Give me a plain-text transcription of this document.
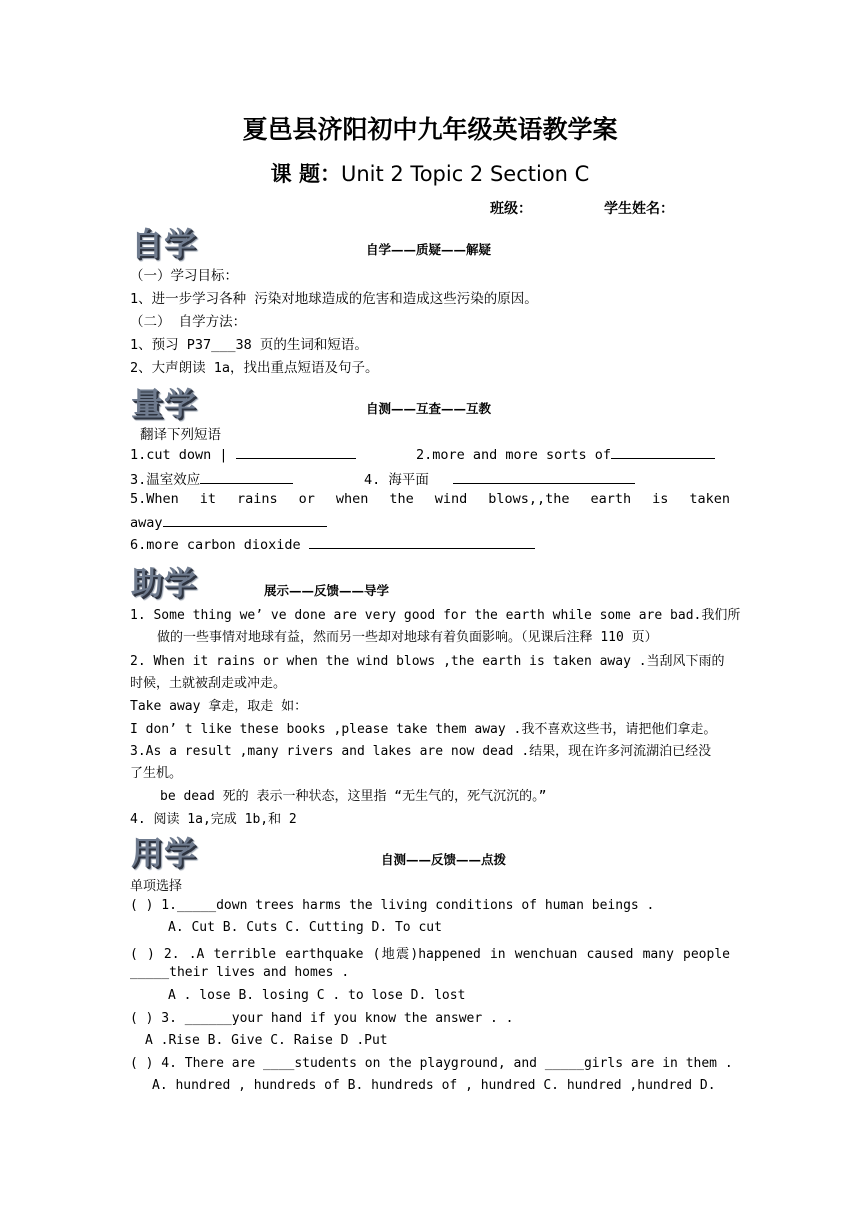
夏邑县济阳初中九年级英语教学案
课 题：Unit 2 Topic 2 Section C
班级：	学生姓名：
自学	自学——质疑——解疑
（一）学习目标：
1、进一步学习各种 污染对地球造成的危害和造成这些污染的原因。
（二） 自学方法：
1、预习 P37___38 页的生词和短语。
2、大声朗读 1a，找出重点短语及句子。
量学	自测——互查——互教
翻译下列短语
1.cut down |	2.more and more sorts of
3.温室效应	4. 海平面
5.When it rains or when the wind blows,,the earth is taken
away
6.more carbon dioxide
助学	展示——反馈——导学
1. Some thing we’ ve done are very good for the earth while some are bad.我们所
做的一些事情对地球有益，然而另一些却对地球有着负面影响。（见课后注释 110 页）
2. When it rains or when the wind blows ,the earth is taken away .当刮风下雨的
时候，土就被刮走或冲走。
Take away 拿走，取走 如：
I don’ t like these books ,please take them away .我不喜欢这些书，请把他们拿走。
3.As a result ,many rivers and lakes are now dead .结果，现在许多河流湖泊已经没
了生机。
be dead 死的 表示一种状态，这里指 “无生气的，死气沉沉的。”
4. 阅读 1a,完成 1b,和 2
用学	自测——反馈——点拨
单项选择
( ) 1._____down trees harms the living conditions of human beings .
A. Cut B. Cuts C. Cutting D. To cut
( ) 2. .A terrible earthquake (地震)happened in wenchuan caused many people
_____their lives and homes .
A . lose B. losing C . to lose D. lost
( ) 3. ______your hand if you know the answer . .
A .Rise B. Give C. Raise D .Put
( ) 4. There are ____students on the playground, and _____girls are in them .
A. hundred , hundreds of B. hundreds of , hundred C. hundred ,hundred D.
